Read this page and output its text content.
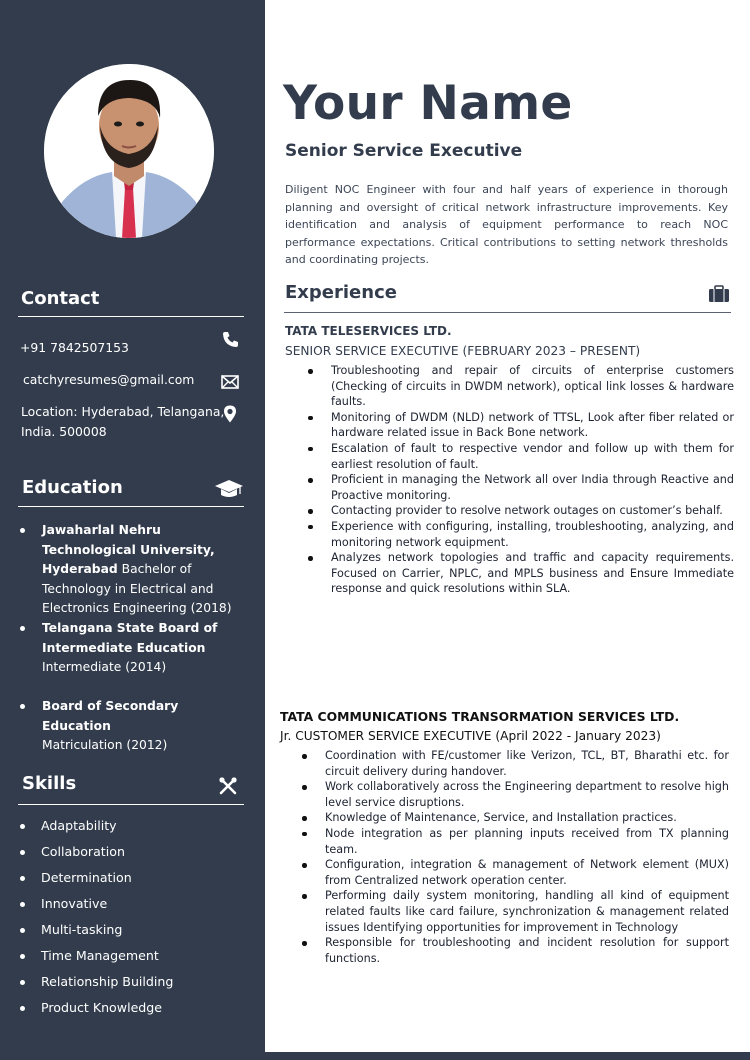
Contact
+91 7842507153
catchyresumes@gmail.com
Location: Hyderabad, Telangana,
India. 500008
Education
Jawaharlal Nehru Technological University, Hyderabad Bachelor of Technology in Electrical and Electronics Engineering (2018)
Telangana State Board of Intermediate Education
Intermediate (2014)
Board of Secondary Education
Matriculation (2012)
Skills
Adaptability
Collaboration
Determination
Innovative
Multi-tasking
Time Management
Relationship Building
Product Knowledge
Your Name
Senior Service Executive
Diligent NOC Engineer with four and half years of experience in thorough planning and oversight of critical network infrastructure improvements. Key identification and analysis of equipment performance to reach NOC performance expectations. Critical contributions to setting network thresholds and coordinating projects.
Experience
TATA TELESERVICES LTD.
SENIOR SERVICE EXECUTIVE (FEBRUARY 2023 – PRESENT)
Troubleshooting and repair of circuits of enterprise customers (Checking of circuits in DWDM network), optical link losses & hardware faults.
Monitoring of DWDM (NLD) network of TTSL, Look after fiber related or hardware related issue in Back Bone network.
Escalation of fault to respective vendor and follow up with them for earliest resolution of fault.
Proficient in managing the Network all over India through Reactive and Proactive monitoring.
Contacting provider to resolve network outages on customer’s behalf.
Experience with configuring, installing, troubleshooting, analyzing, and monitoring network equipment.
Analyzes network topologies and traffic and capacity requirements. Focused on Carrier, NPLC, and MPLS business and Ensure Immediate response and quick resolutions within SLA.
TATA COMMUNICATIONS TRANSORMATION SERVICES LTD.
Jr. CUSTOMER SERVICE EXECUTIVE (April 2022 - January 2023)
Coordination with FE/customer like Verizon, TCL, BT, Bharathi etc. for circuit delivery during handover.
Work collaboratively across the Engineering department to resolve high level service disruptions.
Knowledge of Maintenance, Service, and Installation practices.
Node integration as per planning inputs received from TX planning team.
Configuration, integration & management of Network element (MUX) from Centralized network operation center.
Performing daily system monitoring, handling all kind of equipment related faults like card failure, synchronization & management related issues Identifying opportunities for improvement in Technology
Responsible for troubleshooting and incident resolution for support functions.
